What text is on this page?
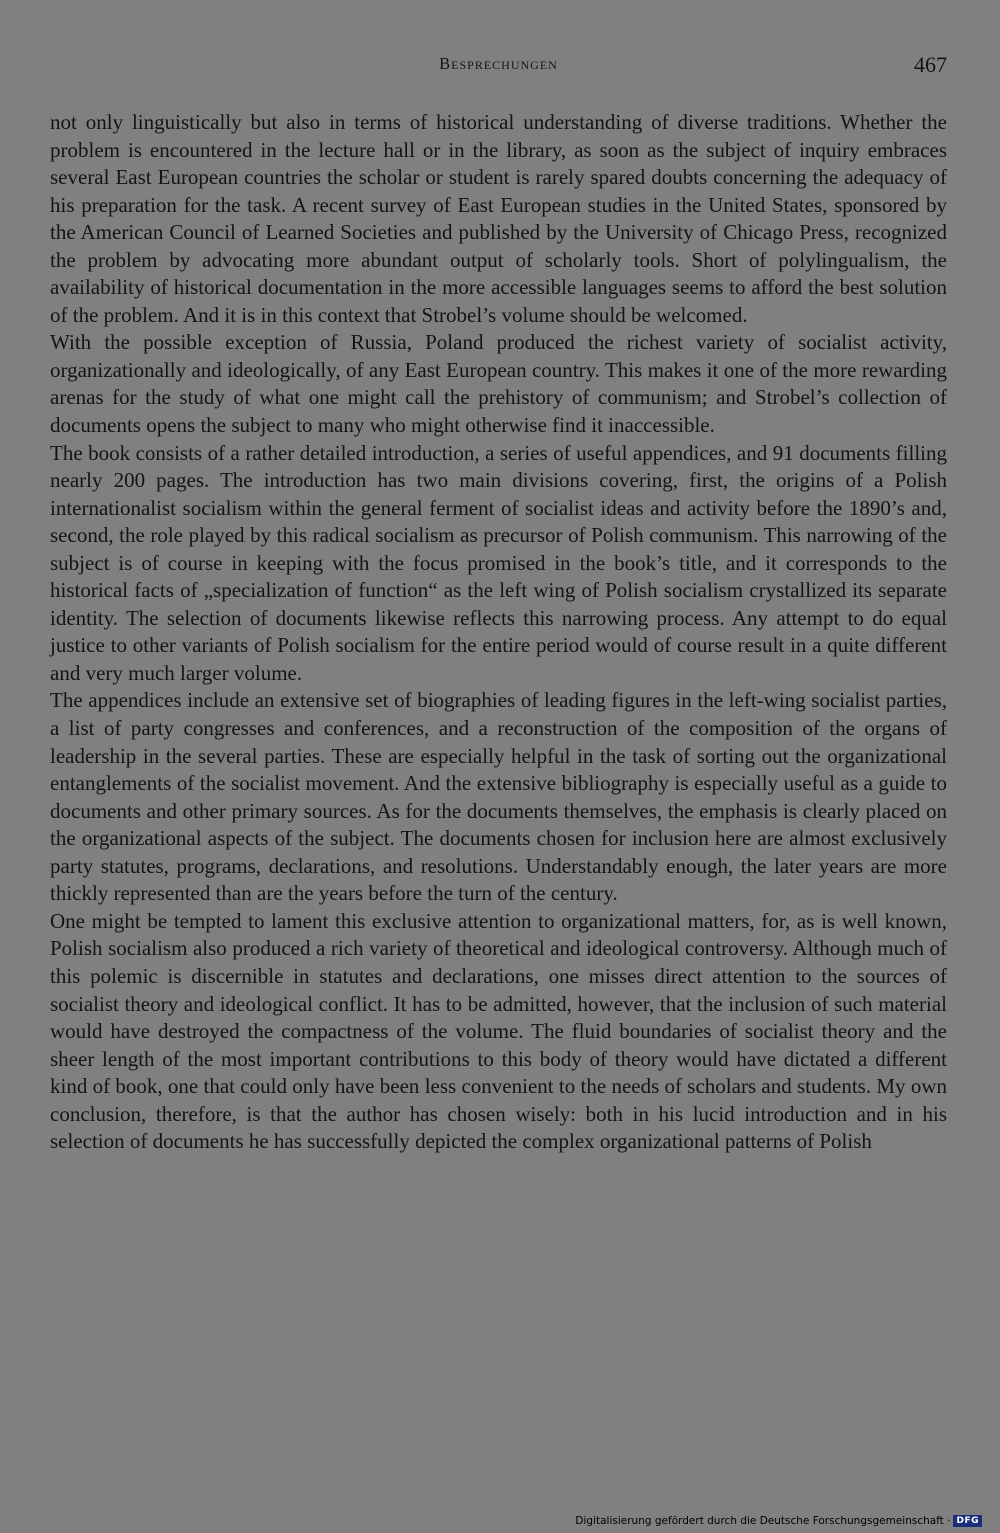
Besprechungen	467

not only linguistically but also in terms of historical understanding of diverse traditions. Whether the problem is encountered in the lecture hall or in the library, as soon as the subject of inquiry embraces several East European countries the scholar or student is rarely spared doubts concerning the adequacy of his preparation for the task. A recent survey of East European studies in the United States, sponsored by the American Council of Learned Societies and published by the University of Chicago Press, recognized the problem by advocating more abundant output of scholarly tools. Short of polylingualism, the availability of historical documentation in the more accessible languages seems to afford the best solution of the problem. And it is in this context that Strobel’s volume should be welcomed.

With the possible exception of Russia, Poland produced the richest variety of socialist activity, organizationally and ideologically, of any East European country. This makes it one of the more rewarding arenas for the study of what one might call the prehistory of communism; and Strobel’s collection of documents opens the subject to many who might otherwise find it inaccessible.

The book consists of a rather detailed introduction, a series of useful appendices, and 91 documents filling nearly 200 pages. The introduction has two main divisions covering, first, the origins of a Polish internationalist socialism within the general ferment of socialist ideas and activity before the 1890’s and, second, the role played by this radical socialism as precursor of Polish communism. This narrowing of the subject is of course in keeping with the focus promised in the book’s title, and it corresponds to the historical facts of „specialization of function“ as the left wing of Polish socialism crystallized its separate identity. The selection of documents likewise reflects this narrowing process. Any attempt to do equal justice to other variants of Polish socialism for the entire period would of course result in a quite different and very much larger volume.

The appendices include an extensive set of biographies of leading figures in the left-wing socialist parties, a list of party congresses and conferences, and a reconstruction of the composition of the organs of leadership in the several parties. These are especially helpful in the task of sorting out the organizational entanglements of the socialist movement. And the extensive bibliography is especially useful as a guide to documents and other primary sources. As for the documents themselves, the emphasis is clearly placed on the organizational aspects of the subject. The documents chosen for inclusion here are almost exclusively party statutes, programs, declarations, and resolutions. Understandably enough, the later years are more thickly represented than are the years before the turn of the century.

One might be tempted to lament this exclusive attention to organizational matters, for, as is well known, Polish socialism also produced a rich variety of theoretical and ideological controversy. Although much of this polemic is discernible in statutes and declarations, one misses direct attention to the sources of socialist theory and ideological conflict. It has to be admitted, however, that the inclusion of such material would have destroyed the compactness of the volume. The fluid boundaries of socialist theory and the sheer length of the most important contributions to this body of theory would have dictated a different kind of book, one that could only have been less convenient to the needs of scholars and students. My own conclusion, therefore, is that the author has chosen wisely: both in his lucid introduction and in his selection of documents he has successfully depicted the complex organizational patterns of Polish

Digitalisierung gefördert durch die Deutsche Forschungsgemeinschaft · DFG
